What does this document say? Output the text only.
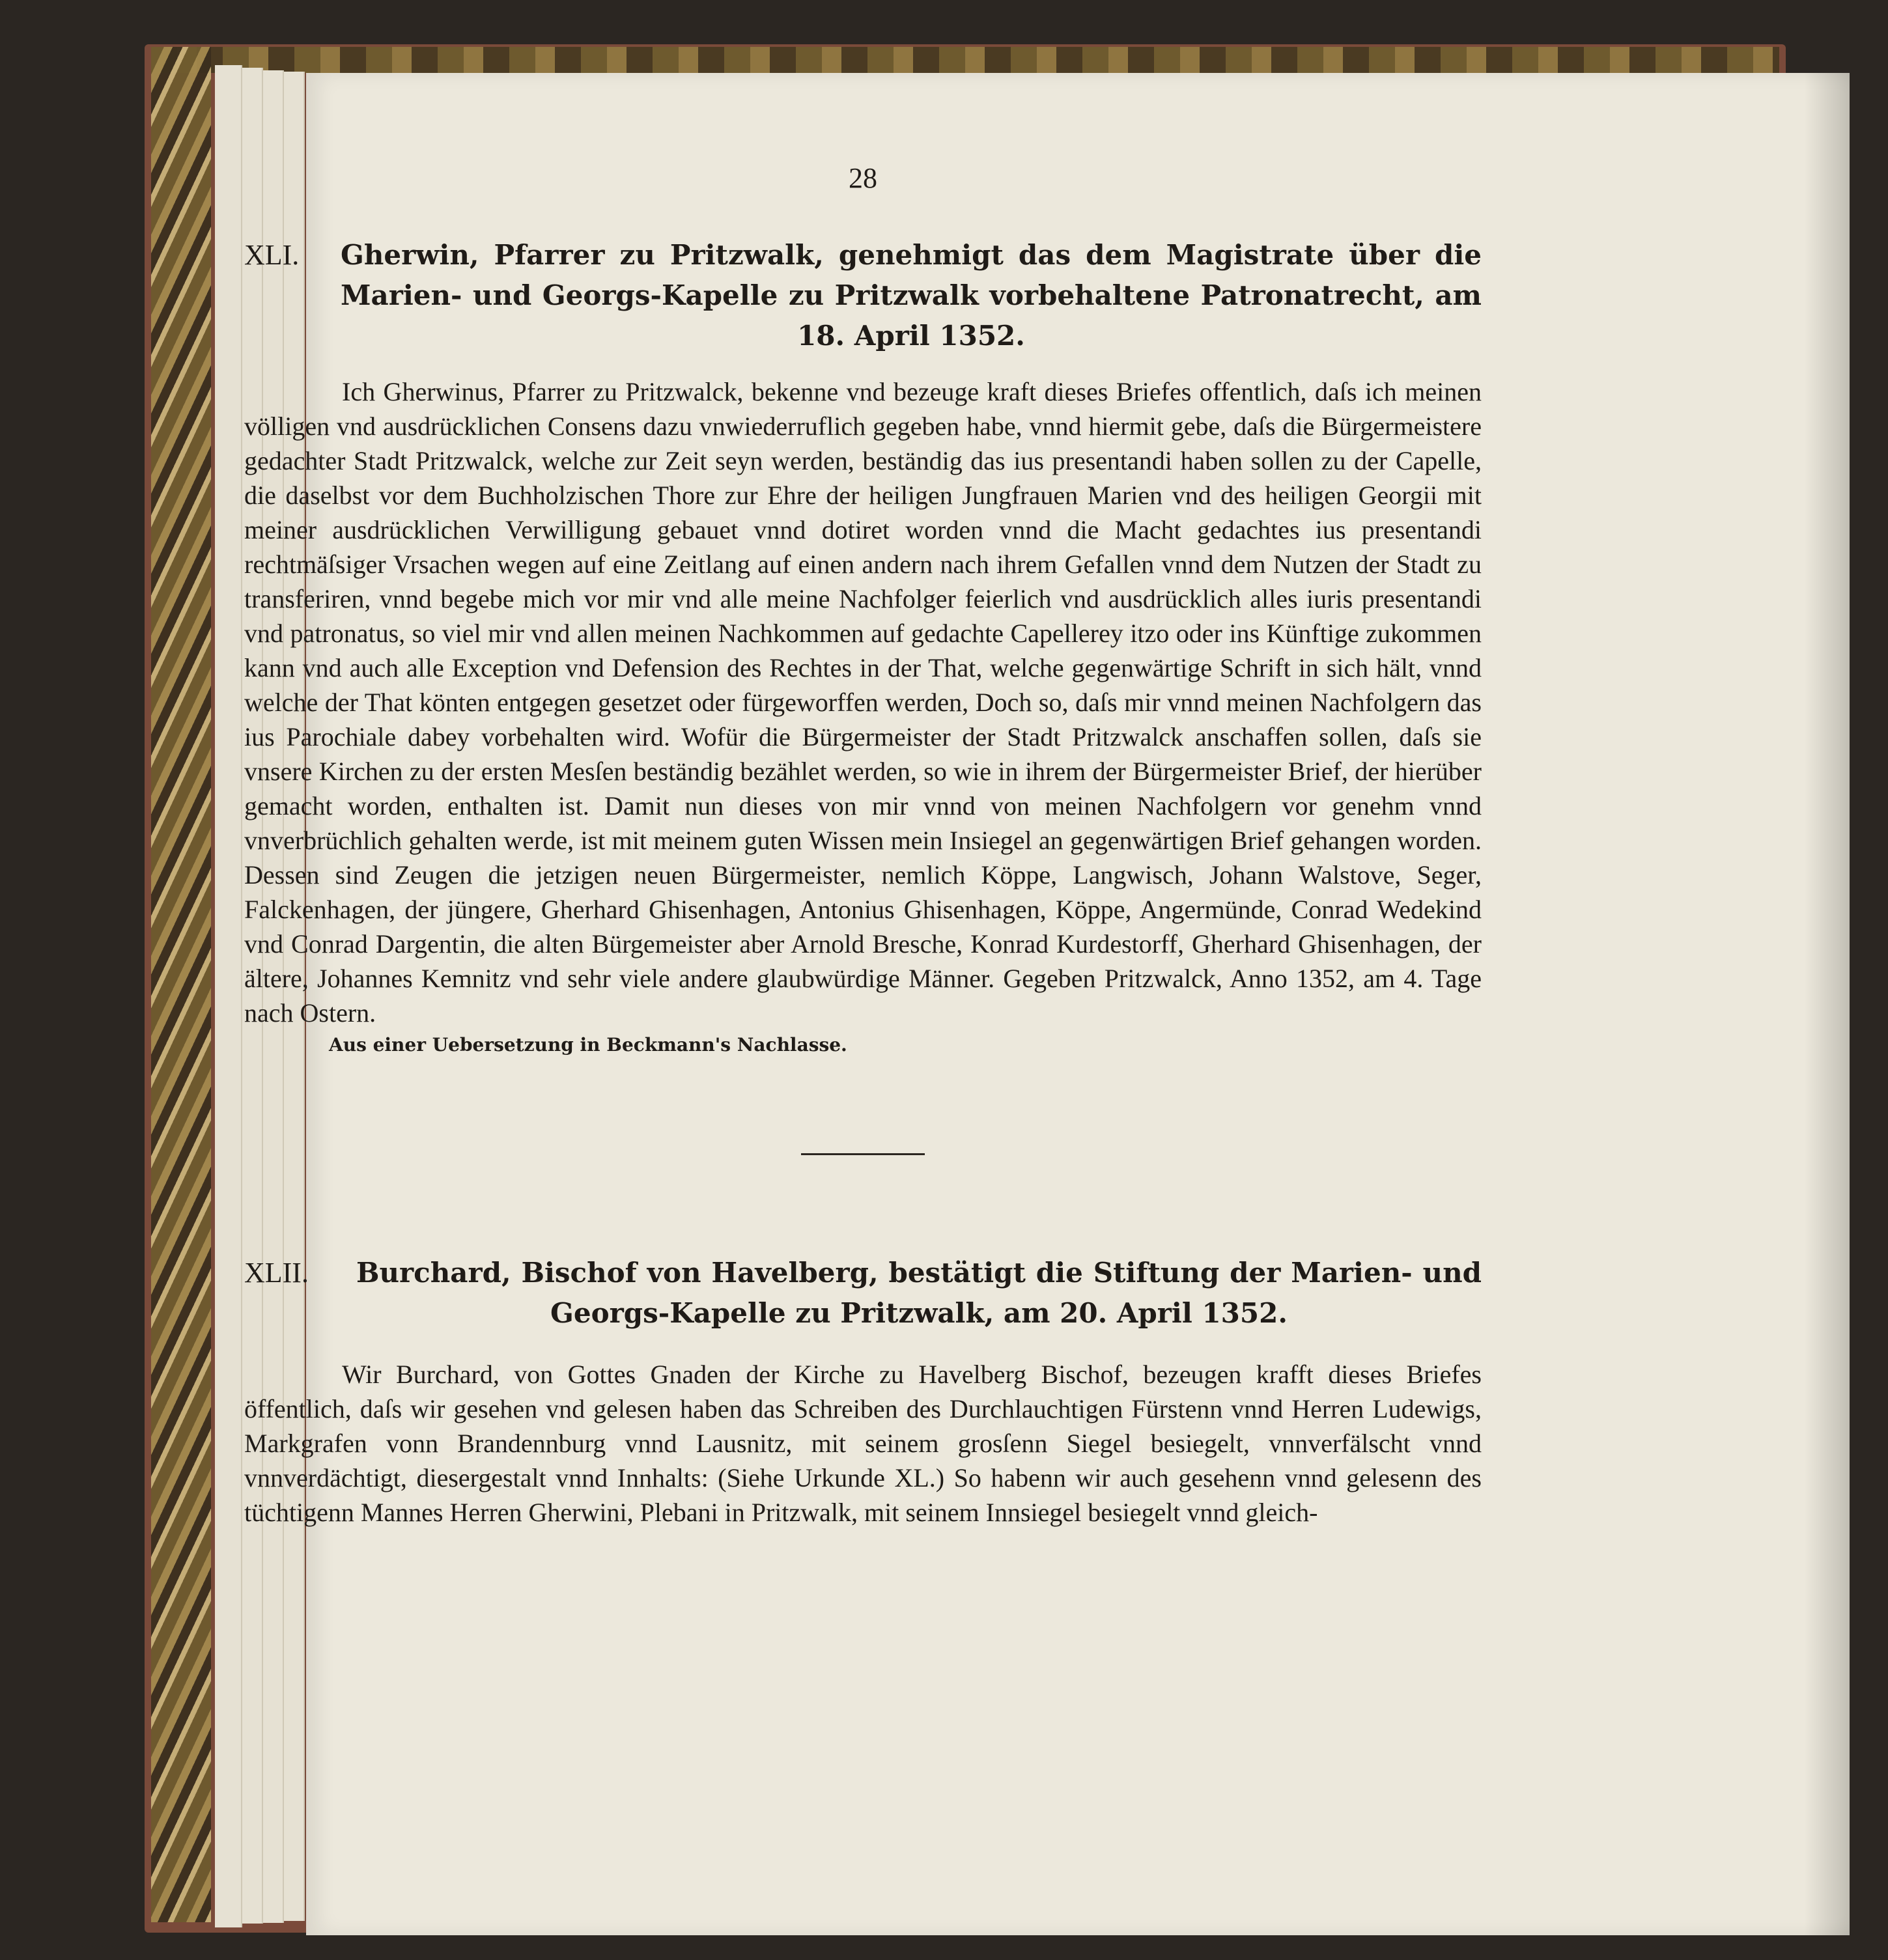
28
XLI. Gherwin, Pfarrer zu Pritzwalk, genehmigt das dem Magistrate über die Marien- und Georgs-Kapelle zu Pritzwalk vorbehaltene Patronatrecht, am 18. April 1352.
Ich Gherwinus, Pfarrer zu Pritzwalck, bekenne vnd bezeuge kraft dieses Briefes offentlich, daſs ich meinen völligen vnd ausdrücklichen Consens dazu vnwiederruflich gegeben habe, vnnd hiermit gebe, daſs die Bürgermeistere gedachter Stadt Pritzwalck, welche zur Zeit seyn werden, beständig das ius presentandi haben sollen zu der Capelle, die daselbst vor dem Buchholzischen Thore zur Ehre der heiligen Jungfrauen Marien vnd des heiligen Georgii mit meiner ausdrücklichen Verwilligung gebauet vnnd dotiret worden vnnd die Macht gedachtes ius presentandi rechtmäſsiger Vrsachen wegen auf eine Zeitlang auf einen andern nach ihrem Gefallen vnnd dem Nutzen der Stadt zu transferiren, vnnd begebe mich vor mir vnd alle meine Nachfolger feierlich vnd ausdrücklich alles iuris presentandi vnd patronatus, so viel mir vnd allen meinen Nachkommen auf gedachte Capellerey itzo oder ins Künftige zukommen kann vnd auch alle Exception vnd Defension des Rechtes in der That, welche gegenwärtige Schrift in sich hält, vnnd welche der That könten entgegen gesetzet oder fürgeworffen werden, Doch so, daſs mir vnnd meinen Nachfolgern das ius Parochiale dabey vorbehalten wird. Wofür die Bürgermeister der Stadt Pritzwalck anschaffen sollen, daſs sie vnsere Kirchen zu der ersten Mesſen beständig bezählet werden, so wie in ihrem der Bürgermeister Brief, der hierüber gemacht worden, enthalten ist. Damit nun dieses von mir vnnd von meinen Nachfolgern vor genehm vnnd vnverbrüchlich gehalten werde, ist mit meinem guten Wissen mein Insiegel an gegenwärtigen Brief gehangen worden. Dessen sind Zeugen die jetzigen neuen Bürgermeister, nemlich Köppe, Langwisch, Johann Walstove, Seger, Falckenhagen, der jüngere, Gherhard Ghisenhagen, Antonius Ghisenhagen, Köppe, Angermünde, Conrad Wedekind vnd Conrad Dargentin, die alten Bürgemeister aber Arnold Bresche, Konrad Kurdestorff, Gherhard Ghisenhagen, der ältere, Johannes Kemnitz vnd sehr viele andere glaubwürdige Männer. Gegeben Pritzwalck, Anno 1352, am 4. Tage nach Ostern.
Aus einer Uebersetzung in Beckmann's Nachlasse.
XLII. Burchard, Bischof von Havelberg, bestätigt die Stiftung der Marien- und Georgs-Kapelle zu Pritzwalk, am 20. April 1352.
Wir Burchard, von Gottes Gnaden der Kirche zu Havelberg Bischof, bezeugen krafft dieses Briefes öffentlich, daſs wir gesehen vnd gelesen haben das Schreiben des Durchlauchtigen Fürstenn vnnd Herren Ludewigs, Markgrafen vonn Brandennburg vnnd Lausnitz, mit seinem grosſenn Siegel besiegelt, vnnverfälscht vnnd vnnverdächtigt, diesergestalt vnnd Innhalts: (Siehe Urkunde XL.) So habenn wir auch gesehenn vnnd gelesenn des tüchtigenn Mannes Herren Gherwini, Plebani in Pritzwalk, mit seinem Innsiegel besiegelt vnnd gleich-
